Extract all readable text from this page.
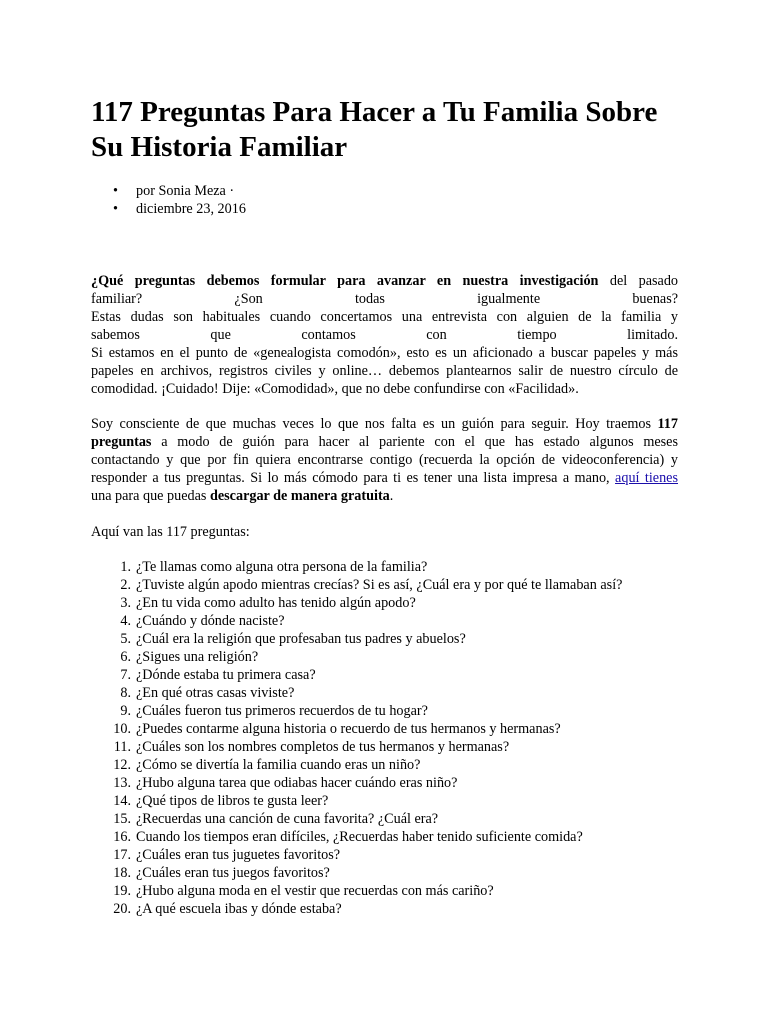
117 Preguntas Para Hacer a Tu Familia Sobre Su Historia Familiar
• por Sonia Meza ·
• diciembre 23, 2016
¿Qué preguntas debemos formular para avanzar en nuestra investigación del pasado
familiar?	¿Son	todas	igualmente	buenas?
Estas dudas son habituales cuando concertamos una entrevista con alguien de la familia y
sabemos	que	contamos	con	tiempo	limitado.
Si estamos en el punto de «genealogista comodón», esto es un aficionado a buscar papeles y más
papeles en archivos, registros civiles y online… debemos plantearnos salir de nuestro círculo de
comodidad. ¡Cuidado! Dije: «Comodidad», que no debe confundirse con «Facilidad».
Soy consciente de que muchas veces lo que nos falta es un guión para seguir. Hoy traemos 117
preguntas a modo de guión para hacer al pariente con el que has estado algunos meses
contactando y que por fin quiera encontrarse contigo (recuerda la opción de videoconferencia) y
responder a tus preguntas. Si lo más cómodo para ti es tener una lista impresa a mano, aquí tienes
una para que puedas descargar de manera gratuita.
Aquí van las 117 preguntas:
1. ¿Te llamas como alguna otra persona de la familia?
2. ¿Tuviste algún apodo mientras crecías? Si es así, ¿Cuál era y por qué te llamaban así?
3. ¿En tu vida como adulto has tenido algún apodo?
4. ¿Cuándo y dónde naciste?
5. ¿Cuál era la religión que profesaban tus padres y abuelos?
6. ¿Sigues una religión?
7. ¿Dónde estaba tu primera casa?
8. ¿En qué otras casas viviste?
9. ¿Cuáles fueron tus primeros recuerdos de tu hogar?
10. ¿Puedes contarme alguna historia o recuerdo de tus hermanos y hermanas?
11. ¿Cuáles son los nombres completos de tus hermanos y hermanas?
12. ¿Cómo se divertía la familia cuando eras un niño?
13. ¿Hubo alguna tarea que odiabas hacer cuándo eras niño?
14. ¿Qué tipos de libros te gusta leer?
15. ¿Recuerdas una canción de cuna favorita? ¿Cuál era?
16. Cuando los tiempos eran difíciles, ¿Recuerdas haber tenido suficiente comida?
17. ¿Cuáles eran tus juguetes favoritos?
18. ¿Cuáles eran tus juegos favoritos?
19. ¿Hubo alguna moda en el vestir que recuerdas con más cariño?
20. ¿A qué escuela ibas y dónde estaba?
